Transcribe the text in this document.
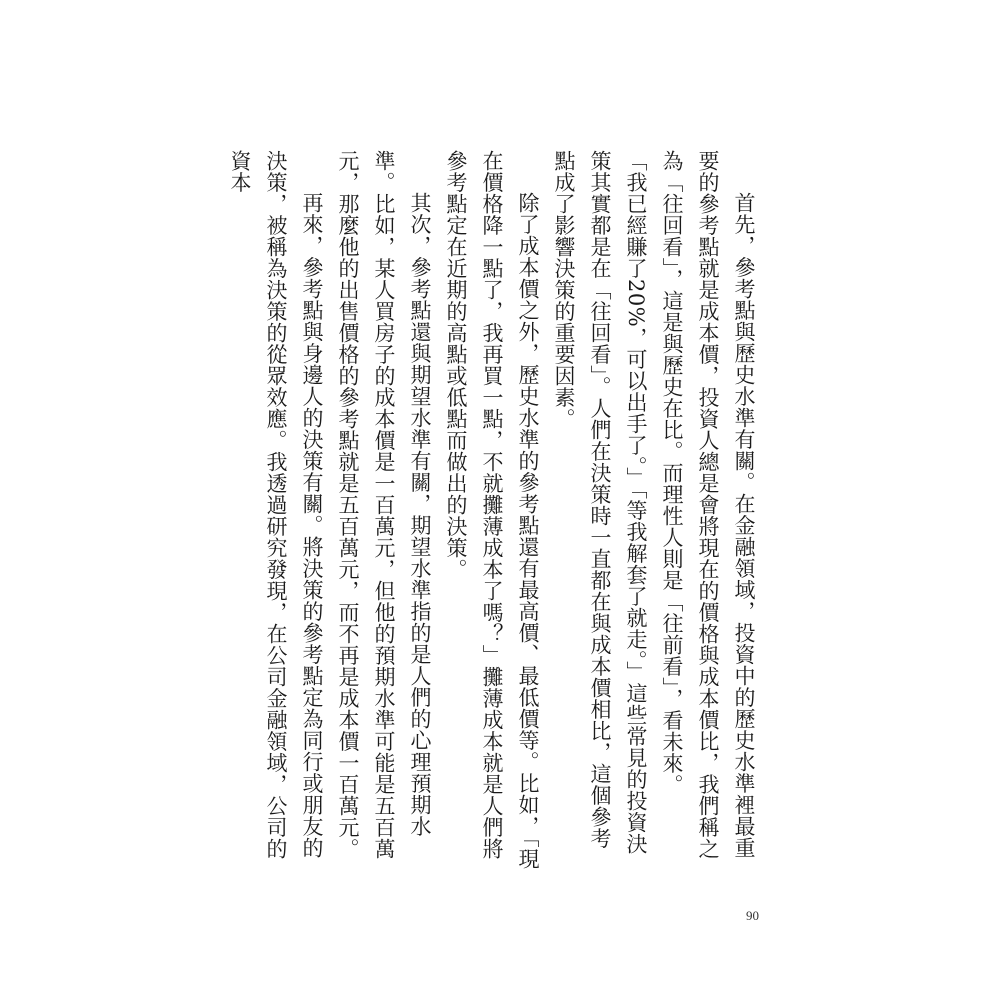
首先，參考點與歷史水準有關。在金融領域，投資中的歷史水準裡最重要的參考點就是成本價，投資人總是會將現在的價格與成本價比，我們稱之為「往回看」，這是與歷史在比。而理性人則是「往前看」，看未來。

「我已經賺了20%，可以出手了。」「等我解套了就走。」這些常見的投資決策其實都是在「往回看」。人們在決策時一直都在與成本價相比，這個參考點成了影響決策的重要因素。

除了成本價之外，歷史水準的參考點還有最高價、最低價等。比如，「現在價格降一點了，我再買一點，不就攤薄成本了嗎？」攤薄成本就是人們將參考點定在近期的高點或低點而做出的決策。

其次，參考點還與期望水準有關，期望水準指的是人們的心理預期水準。比如，某人買房子的成本價是一百萬元，但他的預期水準可能是五百萬元，那麼他的出售價格的參考點就是五百萬元，而不再是成本價一百萬元。

再來，參考點與身邊人的決策有關。將決策的參考點定為同行或朋友的決策，被稱為決策的從眾效應。我透過研究發現，在公司金融領域，公司的資本

90
